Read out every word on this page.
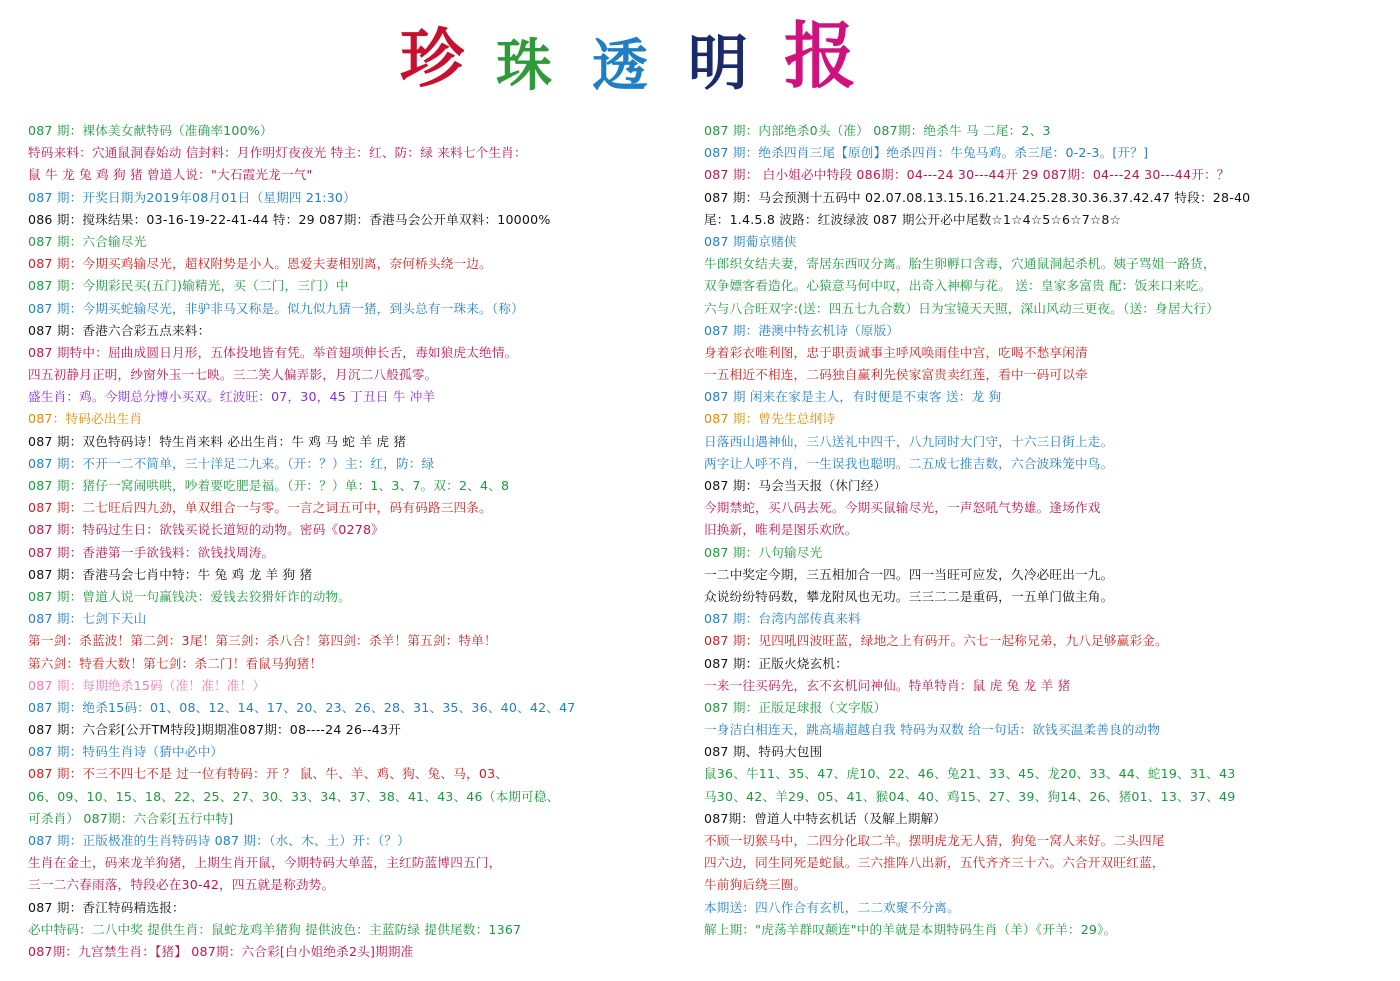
珍 珠 透 明 报
087 期：裸体美女献特码（准确率100%）
特码来料：穴通鼠洞春始动 信封料：月作明灯夜夜光 特主：红、防：绿 来料七个生肖：
鼠 牛 龙 兔 鸡 狗 猪 曾道人说："大石霞光龙一气"
087 期：开奖日期为2019年08月01日（星期四 21:30）
086 期：搅珠结果：03-16-19-22-41-44 特：29 087期：香港马会公开单双料：10000%
087 期：六合输尽光
087 期：今期买鸡输尽光，超权附势是小人。恩爱夫妻相别离，奈何桥头绕一边。
087 期：今期彩民买(五门)输精光，买（二门，三门）中
087 期：今期买蛇输尽光，非驴非马又称是。似九似九猜一猪，到头总有一珠来。（称）
087 期：香港六合彩五点来料：
087 期特中：屈曲成圆日月形，五体投地皆有凭。举首翅项伸长舌，毒如狼虎太绝情。
四五初静月正明，纱窗外玉一七映。三二笑人偏弄影，月沉二八般孤零。
盛生肖：鸡。今期总分博小买双。红波旺：07，30，45 丁丑日 牛 冲羊
087：特码必出生肖
087 期：双色特码诗！特生肖来料 必出生肖：牛 鸡 马 蛇 羊 虎 猪
087 期：不开一二不简单，三十洋足二九来。（开：？）主：红，防：绿
087 期：猪仔一窝闹哄哄，吵着要吃肥是福。（开：？）单：1、3、7。双：2、4、8
087 期：二七旺后四九劲，单双组合一与零。一言之词五可中，码有码路三四条。
087 期：特码过生日：欲钱买说长道短的动物。密码《0278》
087 期：香港第一手欲钱料：欲钱找周涛。
087 期：香港马会七肖中特：牛 兔 鸡 龙 羊 狗 猪
087 期：曾道人说一句赢钱决：爱钱去狡猾奸诈的动物。
087 期：七剑下天山
第一剑：杀蓝波！第二剑：3尾！第三剑：杀八合！第四剑：杀羊！第五剑：特单！
第六剑：特看大数！第七剑：杀二门！看鼠马狗猪！
087 期：每期绝杀15码（准！准！准！）
087 期：绝杀15码：01、08、12、14、17、20、23、26、28、31、35、36、40、42、47
087 期：六合彩[公开TM特段]期期准087期：08----24 26--43开
087 期：特码生肖诗（猜中必中）
087 期：不三不四七不是 过一位有特码：开 ？ 鼠、牛、羊、鸡、狗、兔、马，03、
06、09、10、15、18、22、25、27、30、33、34、37、38、41、43、46（本期可稳、
可杀肖） 087期：六合彩[五行中特]
087 期：正版极准的生肖特码诗 087 期：（水、木、土）开：（？）
生肖在金土，码来龙羊狗猪，上期生肖开鼠，今期特码大单蓝，主红防蓝博四五门，
三一二六春雨落，特段必在30-42，四五就是称劲势。
087 期：香江特码精选报：
必中特码：二八中奖 提供生肖：鼠蛇龙鸡羊猪狗 提供波色：主蓝防绿 提供尾数：1367
087期：九宫禁生肖：【猪】 087期：六合彩[白小姐绝杀2头]期期准
087 期：内部绝杀0头（准） 087期：绝杀牛 马 二尾：2、3
087 期：绝杀四肖三尾【原创】绝杀四肖：牛兔马鸡。杀三尾：0-2-3。[开？]
087 期： 白小姐必中特段 086期：04---24 30---44开 29 087期：04---24 30---44开：？
087 期：马会预测十五码中 02.07.08.13.15.16.21.24.25.28.30.36.37.42.47 特段：28-40
尾：1.4.5.8 波路：红波绿波 087 期公开必中尾数☆1☆4☆5☆6☆7☆8☆
087 期葡京赌侠
牛郎织女结夫妻，寄居东西叹分离。胎生卵孵口含毒，穴通鼠洞起杀机。姨子骂姐一路货，
双争嫖客看造化。心猿意马何中叹，出奇入神柳与花。 送：皇家多富贵 配：饭来口来吃。
六与八合旺双字:(送：四五七九合数）日为宝镜天天照，深山风动三更夜。（送：身居大行）
087 期：港澳中特玄机诗（原版）
身着彩衣唯利图，忠于职责诚事主呼风唤雨佳中宫，吃喝不愁享闲清
一五相近不相连，二码独自赢利先侯家富贵卖红莲，看中一码可以牵
087 期 闲来在家是主人，有时便是不束客 送：龙 狗
087 期：曾先生总纲诗
日落西山遇神仙，三八送礼中四千，八九同时大门守，十六三日街上走。
两字让人呼不肖，一生误我也聪明。二五成七推吉数，六合波珠笼中鸟。
087 期：马会当天报（休门经）
今期禁蛇，买八码去死。今期买鼠输尽光，一声怒吼气势雄。逢场作戏
旧换新，唯利是图乐欢欣。
087 期：八句输尽光
一二中奖定今期，三五相加合一四。四一当旺可应发，久冷必旺出一九。
众说纷纷特码数，攀龙附凤也无功。三三二二是重码，一五单门做主角。
087 期：台湾内部传真来料
087 期：见四吼四波旺蓝，绿地之上有码开。六七一起称兄弟，九八足够赢彩金。
087 期：正版火烧玄机：
一来一往买码先，玄不玄机问神仙。特单特肖：鼠 虎 兔 龙 羊 猪
087 期：正版足球报（文字版）
一身洁白相连天，跳高墙超越自我 特码为双数 给一句话：欲钱买温柔善良的动物
087 期、特码大包围
鼠36、牛11、35、47、虎10、22、46、兔21、33、45、龙20、33、44、蛇19、31、43
马30、42、羊29、05、41、猴04、40、鸡15、27、39、狗14、26、猪01、13、37、49
087期：曾道人中特玄机话（及解上期解）
不顾一切猴马中，二四分化取二羊。摆明虎龙无人猜，狗兔一窝人来好。二头四尾
四六边，同生同死是蛇鼠。三六推阵八出新，五代齐齐三十六。六合开双旺红蓝，
牛前狗后绕三圈。
本期送：四八作合有玄机，二二欢聚不分离。
解上期："虎荡羊群叹颠连"中的羊就是本期特码生肖（羊）《开羊：29》。
